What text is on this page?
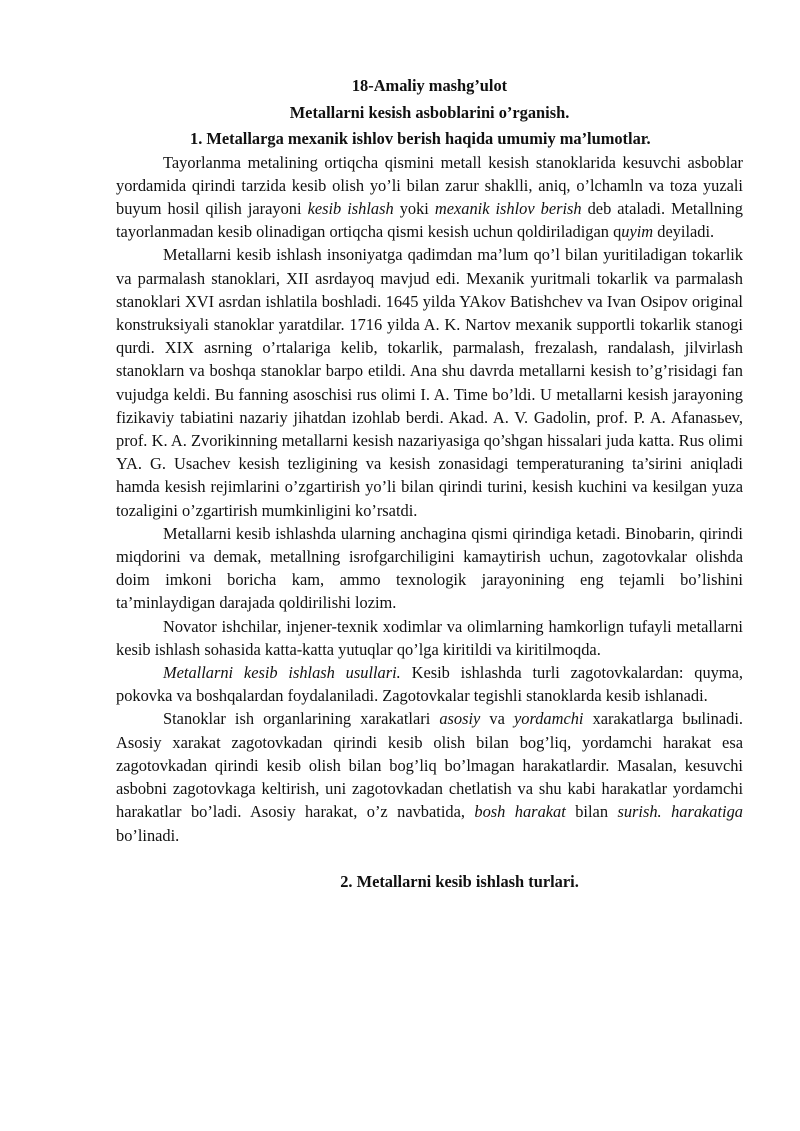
18-Amaliy mashg’ulot

Metallarni kesish asboblarini o’rganish.

1. Metallarga mexanik ishlov berish haqida umumiy ma’lumotlar.

Tayorlanma metalining ortiqcha qismini metall kesish stanoklarida kesuvchi asboblar yordamida qirindi tarzida kesib olish yo’li bilan zarur shaklli, aniq, o’lchamln va toza yuzali buyum hosil qilish jarayoni kesib ishlash yoki mexanik ishlov berish deb ataladi. Metallning tayorlanmadan kesib olinadigan ortiqcha qismi kesish uchun qoldiriladigan quyim deyiladi.

Metallarni kesib ishlash insoniyatga qadimdan ma’lum qo’l bilan yuritiladigan tokarlik va parmalash stanoklari, XII asrdayoq mavjud edi. Mexanik yuritmali tokarlik va parmalash stanoklari XVI asrdan ishlatila boshladi. 1645 yilda YAkov Batishchev va Ivan Osipov original konstruksiyali stanoklar yaratdilar. 1716 yilda A. K. Nartov mexanik supportli tokarlik stanogi qurdi. XIX asrning o’rtalariga kelib, tokarlik, parmalash, frezalash, randalash, jilvirlash stanoklarn va boshqa stanoklar barpo etildi. Ana shu davrda metallarni kesish to’g’risidagi fan vujudga keldi. Bu fanning asoschisi rus olimi I. A. Time bo’ldi. U metallarni kesish jarayoning fizikaviy tabiatini nazariy jihatdan izohlab berdi. Akad. A. V. Gadolin, prof. P. A. Afanasьev, prof. K. A. Zvorikinning metallarni kesish nazariyasiga qo’shgan hissalari juda katta. Rus olimi YA. G. Usachev kesish tezligining va kesish zonasidagi temperaturaning ta’sirini aniqladi hamda kesish rejimlarini o’zgartirish yo’li bilan qirindi turini, kesish kuchini va kesilgan yuza tozaligini o’zgartirish mumkinligini ko’rsatdi.

Metallarni kesib ishlashda ularning anchagina qismi qirindiga ketadi. Binobarin, qirindi miqdorini va demak, metallning isrofgarchiligini kamaytirish uchun, zagotovkalar olishda doim imkoni boricha kam, ammo texnologik jarayonining eng tejamli bo’lishini ta’minlaydigan darajada qoldirilishi lozim.

Novator ishchilar, injener-texnik xodimlar va olimlarning hamkorlign tufayli metallarni kesib ishlash sohasida katta-katta yutuqlar qo’lga kiritildi va kiritilmoqda.

Metallarni kesib ishlash usullari. Kesib ishlashda turli zagotovkalardan: quyma, pokovka va boshqalardan foydalaniladi. Zagotovkalar tegishli stanoklarda kesib ishlanadi.

Stanoklar ish organlarining xarakatlari asosiy va yordamchi xarakatlarga bыlinadi. Asosiy xarakat zagotovkadan qirindi kesib olish bilan bog’liq, yordamchi harakat esa zagotovkadan qirindi kesib olish bilan bog’liq bo’lmagan harakatlardir. Masalan, kesuvchi asbobni zagotovkaga keltirish, uni zagotovkadan chetlatish va shu kabi harakatlar yordamchi harakatlar bo’ladi. Asosiy harakat, o’z navbatida, bosh harakat bilan surish. harakatiga bo’linadi.

2. Metallarni kesib ishlash turlari.
